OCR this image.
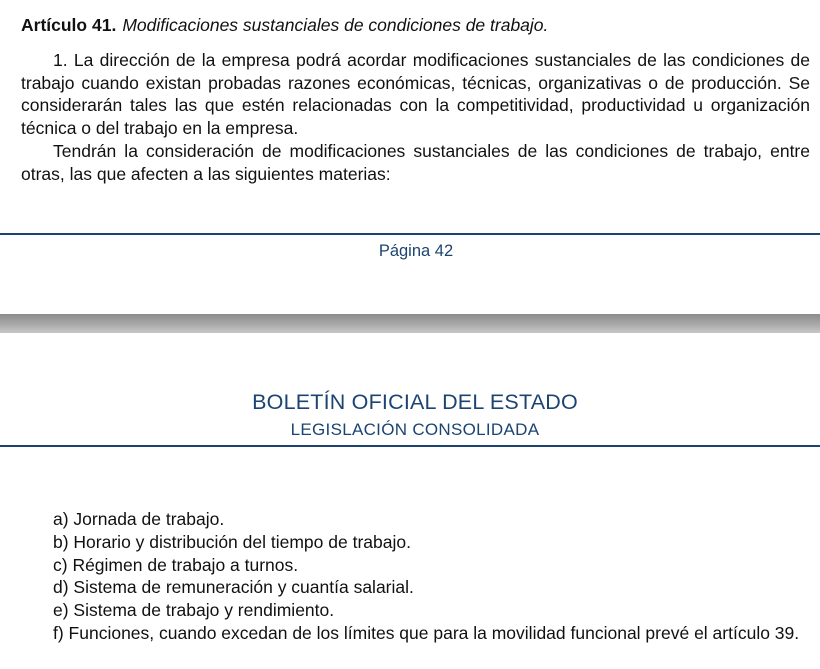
Artículo 41. Modificaciones sustanciales de condiciones de trabajo.

1. La dirección de la empresa podrá acordar modificaciones sustanciales de las condiciones de trabajo cuando existan probadas razones económicas, técnicas, organizativas o de producción. Se considerarán tales las que estén relacionadas con la competitividad, productividad u organización técnica o del trabajo en la empresa.

Tendrán la consideración de modificaciones sustanciales de las condiciones de trabajo, entre otras, las que afecten a las siguientes materias:

Página 42
BOLETÍN OFICIAL DEL ESTADO
LEGISLACIÓN CONSOLIDADA
a) Jornada de trabajo.
b) Horario y distribución del tiempo de trabajo.
c) Régimen de trabajo a turnos.
d) Sistema de remuneración y cuantía salarial.
e) Sistema de trabajo y rendimiento.
f) Funciones, cuando excedan de los límites que para la movilidad funcional prevé el artículo 39.
